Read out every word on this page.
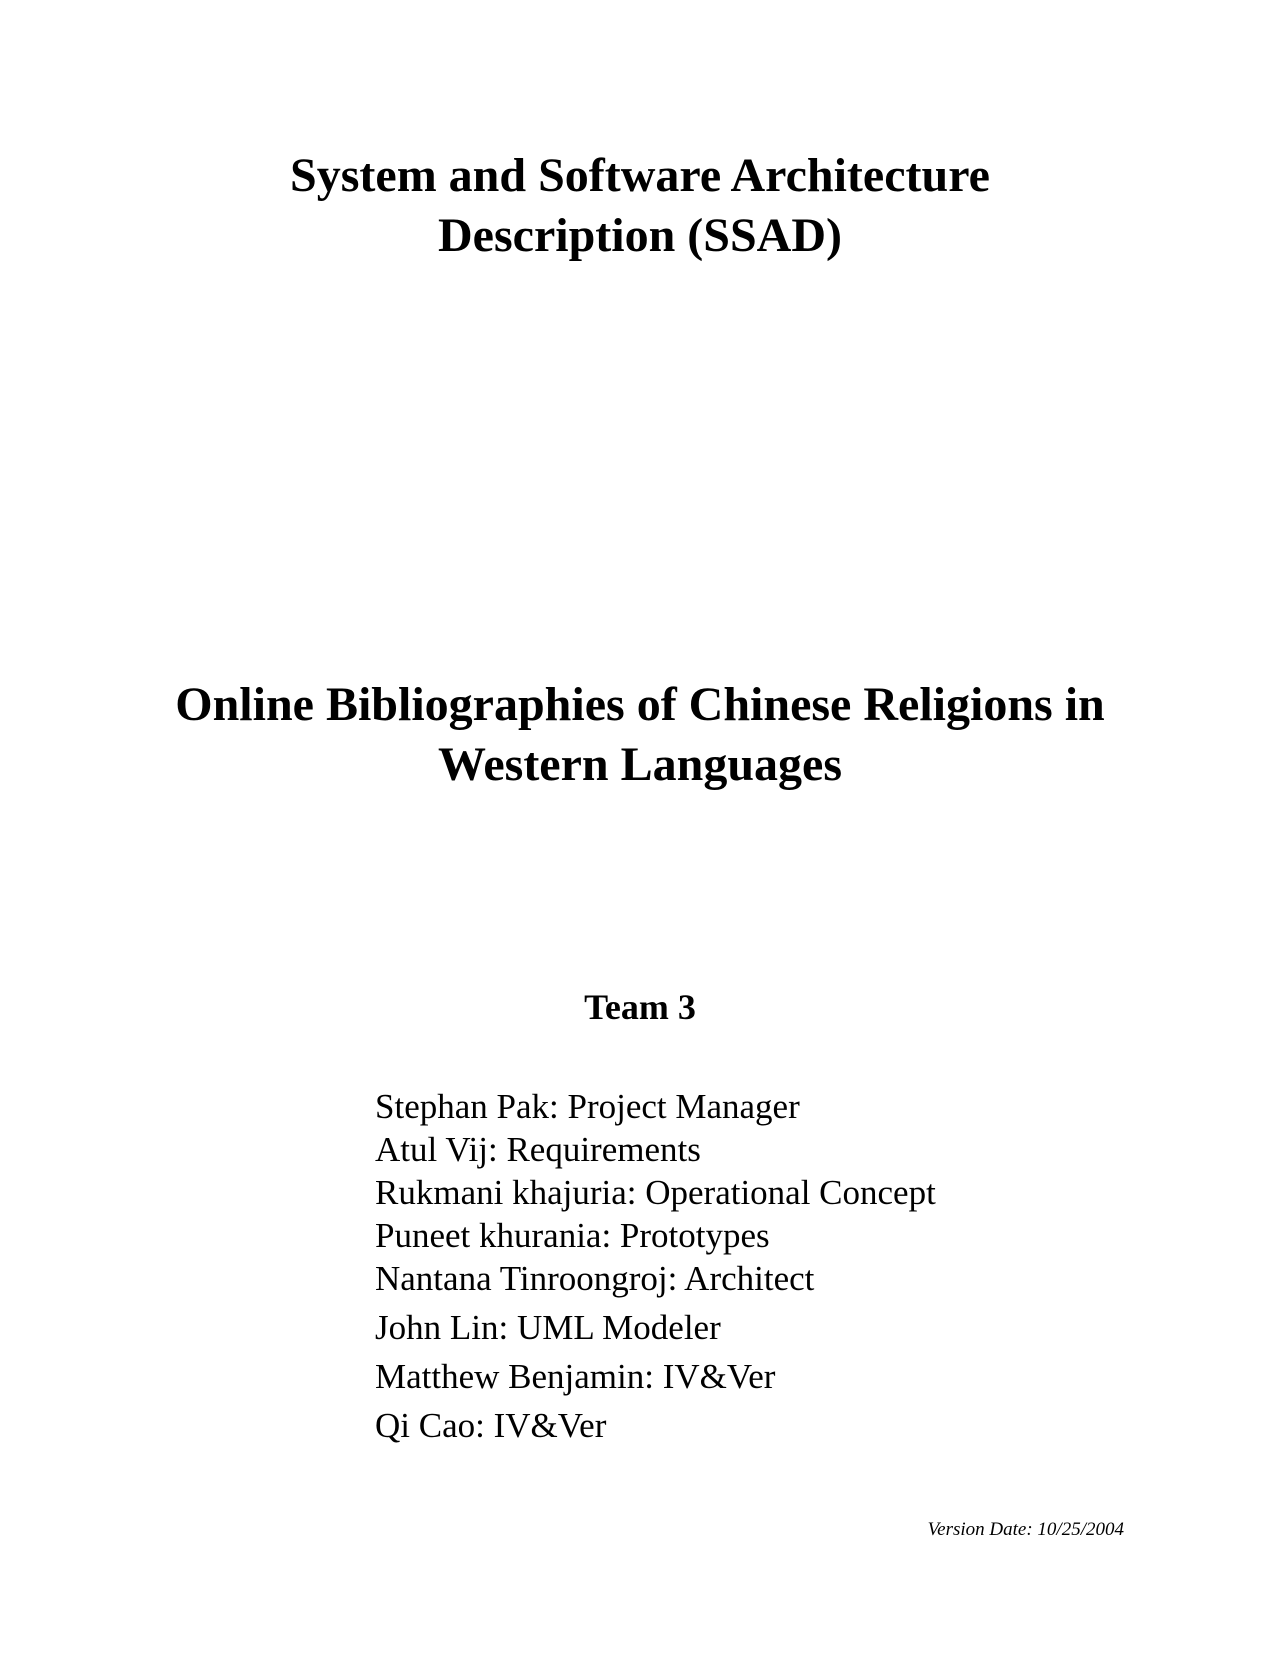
System and Software Architecture
Description (SSAD)
Online Bibliographies of Chinese Religions in
Western Languages
Team 3
Stephan Pak: Project Manager
Atul Vij: Requirements
Rukmani khajuria: Operational Concept
Puneet khurania: Prototypes
Nantana Tinroongroj: Architect
John Lin: UML Modeler
Matthew Benjamin: IV&Ver
Qi Cao: IV&Ver

Version Date: 10/25/2004
